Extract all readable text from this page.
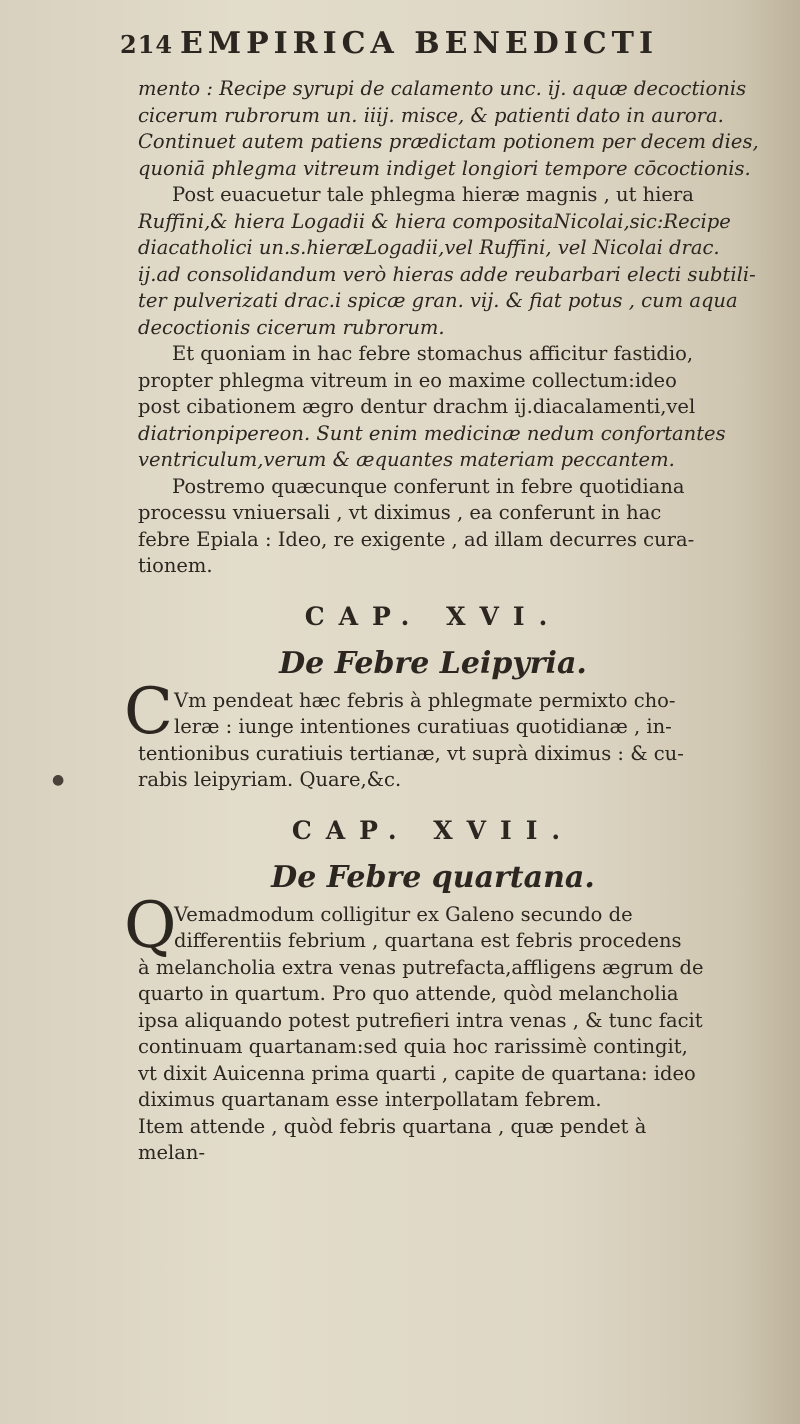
214 EMPIRICA BENEDICTI
mento : Recipe syrupi de calamento unc. ij. aquæ decoctionis
cicerum rubrorum un. iiij. misce, & patienti dato in aurora.
Continuet autem patiens prædictam potionem per decem dies,
quoniā phlegma vitreum indiget longiori tempore cōcoctionis.
Post euacuetur tale phlegma hieræ magnis , ut hiera
Ruffini,& hiera Logadii & hiera compositaNicolai,sic:Recipe
diacatholici un.s.hieræLogadii,vel Ruffini, vel Nicolai drac.
ij.ad consolidandum verò hieras adde reubarbari electi subtili-
ter pulverizati drac.i spicæ gran. vij. & fiat potus , cum aqua
decoctionis cicerum rubrorum.
Et quoniam in hac febre stomachus afficitur fastidio,
propter phlegma vitreum in eo maxime collectum:ideo
post cibationem ægro dentur drachm ij.diacalamenti,vel
diatrionpipereon. Sunt enim medicinæ nedum confortantes
ventriculum,verum & æquantes materiam peccantem.
Postremo quæcunque conferunt in febre quotidiana
processu vniuersali , vt diximus , ea conferunt in hac
febre Epiala : Ideo, re exigente , ad illam decurres cura-
tionem.
CAP. XVI.
De Febre Leipyria.
C Vm pendeat hæc febris à phlegmate permixto cho-
leræ : iunge intentiones curatiuas quotidianæ , in-
tentionibus curatiuis tertianæ, vt suprà diximus : & cu-
rabis leipyriam. Quare,&c.
CAP. XVII.
De Febre quartana.
Q
Vemadmodum colligitur ex Galeno secundo de
differentiis febrium , quartana est febris procedens
à melancholia extra venas putrefacta,affligens ægrum de
quarto in quartum. Pro quo attende, quòd melancholia
ipsa aliquando potest putrefieri intra venas , & tunc facit
continuam quartanam:sed quia hoc rarissimè contingit,
vt dixit Auicenna prima quarti , capite de quartana: ideo
diximus quartanam esse interpollatam febrem.
Item attende , quòd febris quartana , quæ pendet à
melan-
●
